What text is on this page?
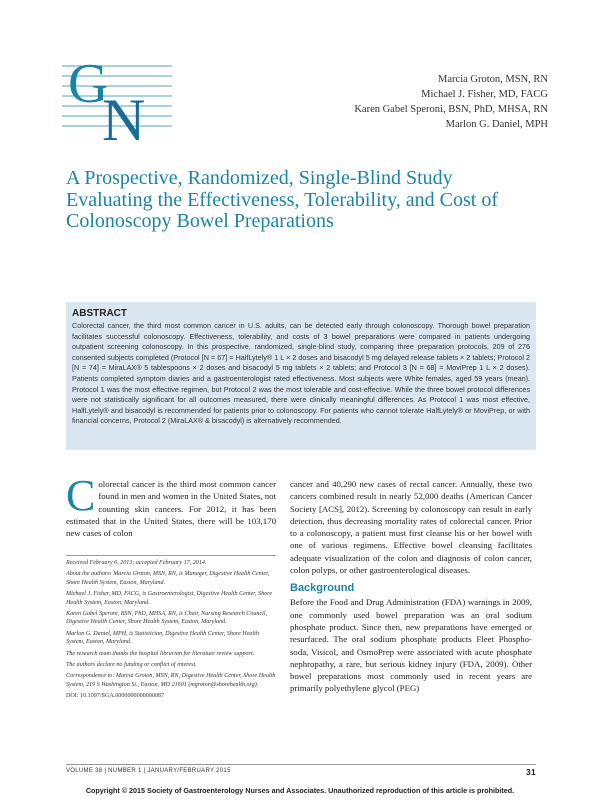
G
N
Marcia Groton, MSN, RN
Michael J. Fisher, MD, FACG
Karen Gabel Speroni, BSN, PhD, MHSA, RN
Marlon G. Daniel, MPH
A Prospective, Randomized, Single-Blind Study Evaluating the Effectiveness, Tolerability, and Cost of Colonoscopy Bowel Preparations
ABSTRACT

Colorectal cancer, the third most common cancer in U.S. adults, can be detected early through colonoscopy. Thorough bowel preparation facilitates successful colonoscopy. Effectiveness, tolerability, and costs of 3 bowel preparations were compared in patients undergoing outpatient screening colonoscopy. In this prospective, randomized, single-blind study, comparing three preparation protocols, 209 of 276 consented subjects completed (Protocol [N = 67] = HalfLytely® 1 L × 2 doses and bisacodyl 5 mg delayed release tablets × 2 tablets; Protocol 2 [N = 74] = MiraLAX® 5 tablespoons × 2 doses and bisacodyl 5 mg tablets × 2 tablets; and Protocol 3 [N = 68] = MoviPrep 1 L × 2 doses). Patients completed symptom diaries and a gastroenterologist rated effectiveness. Most subjects were White females, aged 59 years (mean). Protocol 1 was the most effective regimen, but Protocol 2 was the most tolerable and cost-effective. While the three bowel protocol differences were not statistically significant for all outcomes measured, there were clinically meaningful differences. As Protocol 1 was most effective, HalfLytely® and bisacodyl is recommended for patients prior to colonoscopy. For patients who cannot tolerate HalfLytely® or MoviPrep, or with financial concerns, Protocol 2 (MiraLAX® & bisacodyl) is alternatively recommended.

Colorectal cancer is the third most common cancer found in men and women in the United States, not counting skin cancers. For 2012, it has been estimated that in the United States, there will be 103,170 new cases of colon

Received February 6, 2013; accepted February 17, 2014.

About the authors: Marcia Groton, MSN, RN, is Manager, Digestive Health Center, Shore Health System, Easton, Maryland.

Michael J. Fisher, MD, FACG, is Gastroenterologist, Digestive Health Center, Shore Health System, Easton, Maryland.

Karen Gabel Speroni, BSN, PhD, MHSA, RN, is Chair, Nursing Research Council, Digestive Health Center, Shore Health System, Easton, Maryland.

Marlon G. Daniel, MPH, is Statistician, Digestive Health Center, Shore Health System, Easton, Maryland.

The research team thanks the hospital librarian for literature review support.

The authors declare no funding or conflict of interest.

Correspondence to: Marcia Groton, MSN, RN, Digestive Health Center, Shore Health System, 219 S Washington St., Easton, MD 21601 (mgroton@shorehealth.org).

DOI: 10.1097/SGA.0000000000000087

cancer and 40,290 new cases of rectal cancer. Annually, these two cancers combined result in nearly 52,000 deaths (American Cancer Society [ACS], 2012). Screening by colonoscopy can result in early detection, thus decreasing mortality rates of colorectal cancer. Prior to a colonoscopy, a patient must first cleanse his or her bowel with one of various regimens. Effective bowel cleansing facilitates adequate visualization of the colon and diagnosis of colon cancer, colon polyps, or other gastroenterological diseases.

Background

Before the Food and Drug Administration (FDA) warnings in 2009, one commonly used bowel preparation was an oral sodium phosphate product. Since then, new preparations have emerged or resurfaced. The oral sodium phosphate products Fleet Phospho-soda, Visicol, and OsmoPrep were associated with acute phosphate nephropathy, a rare, but serious kidney injury (FDA, 2009). Other bowel preparations most commonly used in recent years are primarily polyethylene glycol (PEG)

VOLUME 38 | NUMBER 1 | JANUARY/FEBRUARY 2015	31
Copyright © 2015 Society of Gastroenterology Nurses and Associates. Unauthorized reproduction of this article is prohibited.
